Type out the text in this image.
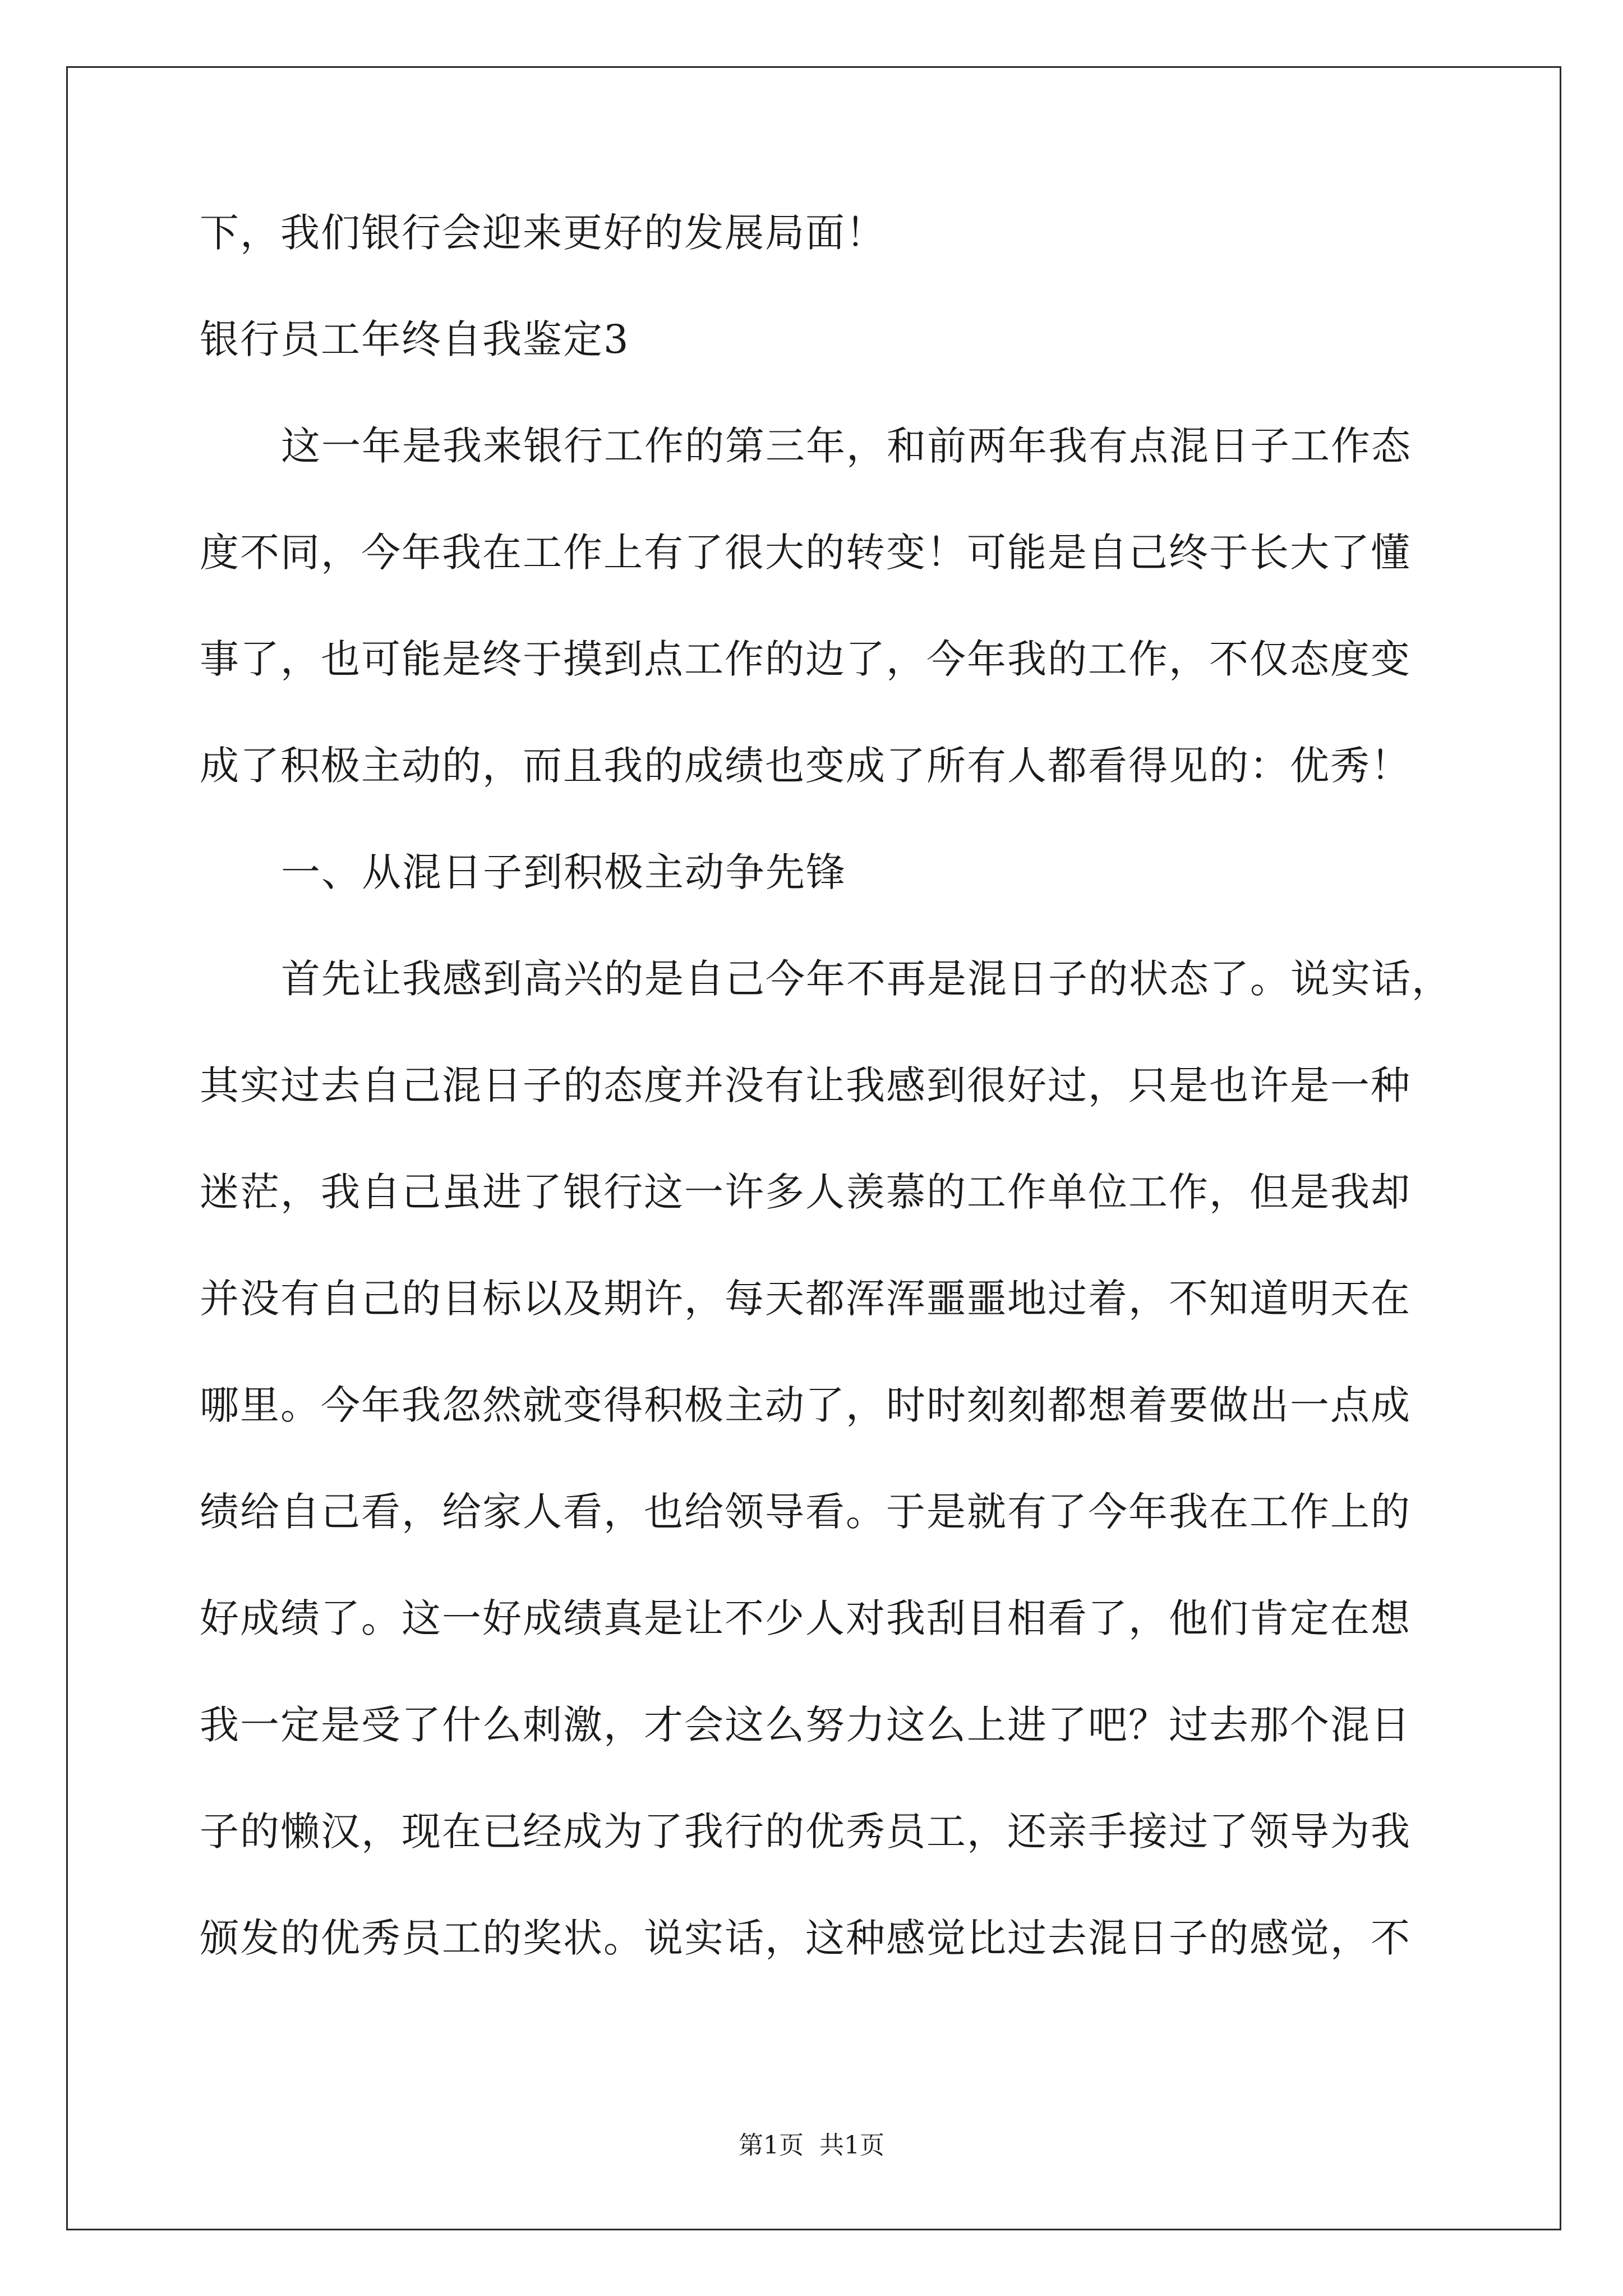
下，我们银行会迎来更好的发展局面！
银行员工年终自我鉴定3
这一年是我来银行工作的第三年，和前两年我有点混日子工作态
度不同，今年我在工作上有了很大的转变！可能是自己终于长大了懂
事了，也可能是终于摸到点工作的边了，今年我的工作，不仅态度变
成了积极主动的，而且我的成绩也变成了所有人都看得见的：优秀！
一、从混日子到积极主动争先锋
首先让我感到高兴的是自己今年不再是混日子的状态了。说实话，
其实过去自己混日子的态度并没有让我感到很好过，只是也许是一种
迷茫，我自己虽进了银行这一许多人羡慕的工作单位工作，但是我却
并没有自己的目标以及期许，每天都浑浑噩噩地过着，不知道明天在
哪里。今年我忽然就变得积极主动了，时时刻刻都想着要做出一点成
绩给自己看，给家人看，也给领导看。于是就有了今年我在工作上的
好成绩了。这一好成绩真是让不少人对我刮目相看了，他们肯定在想
我一定是受了什么刺激，才会这么努力这么上进了吧？过去那个混日
子的懒汉，现在已经成为了我行的优秀员工，还亲手接过了领导为我
颁发的优秀员工的奖状。说实话，这种感觉比过去混日子的感觉，不
第1页 共1页
